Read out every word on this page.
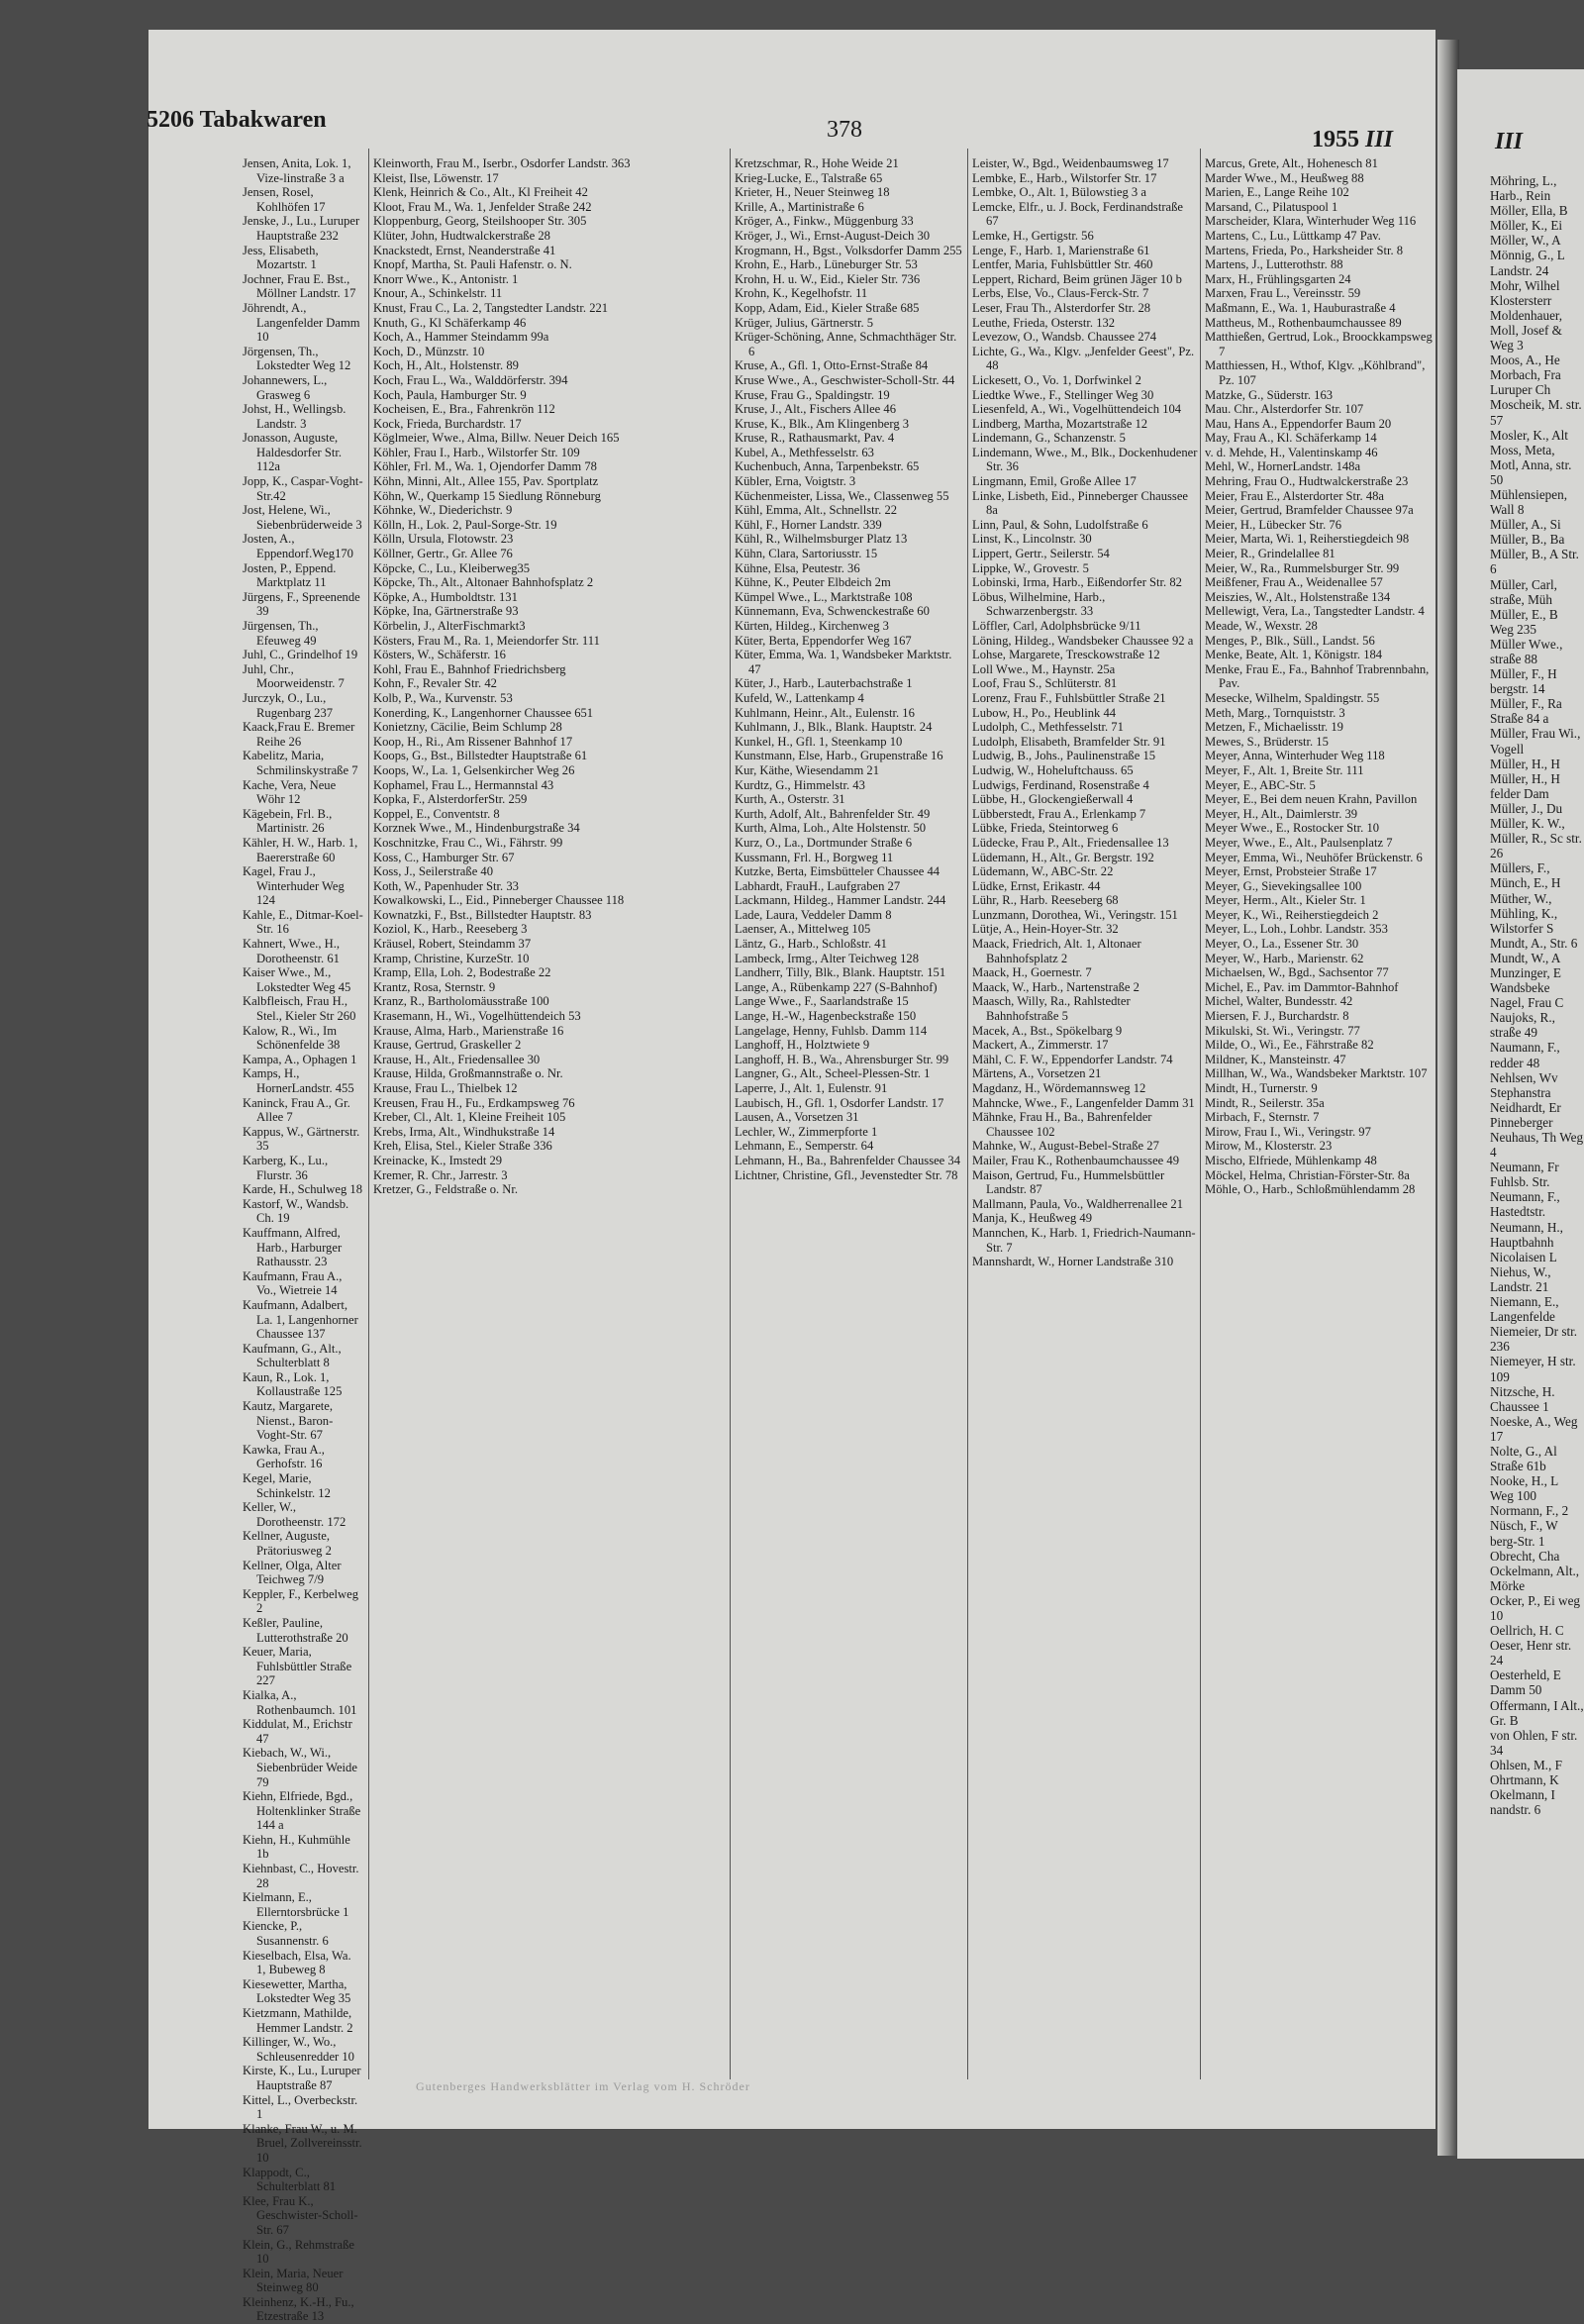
5206 Tabakwaren	378	1955 III	III
Gutenberges Handwerksblätter im Verlag vom H. Schröder
Möhring, L., Harb., Rein
Möller, Ella, B
Möller, K., Ei
Möller, W., A
Mönnig, G., L Landstr. 24
Mohr, Wilhel Klostersterr
Moldenhauer,
Moll, Josef &
Weg 3
Moos, A., He
Morbach, Fra Luruper Ch
Moscheik, M. str. 57
Mosler, K., Alt
Moss, Meta,
Motl, Anna, str. 50
Mühlensiepen, Wall 8
Müller, A., Si
Müller, B., Ba
Müller, B., A Str. 6
Müller, Carl, straße, Müh
Müller, E., B Weg 235
Müller Wwe., straße 88
Müller, F., H bergstr. 14
Müller, F., Ra Straße 84 a
Müller, Frau Wi., Vogell
Müller, H., H
Müller, H., H felder Dam
Müller, J., Du
Müller, K. W.,
Müller, R., Sc str. 26
Müllers, F.,
Münch, E., H
Müther, W.,
Mühling, K., Wilstorfer S
Mundt, A., Str. 6
Mundt, W., A
Munzinger, E Wandsbeke
Nagel, Frau C
Naujoks, R., straße 49
Naumann, F., redder 48
Nehlsen, Wv Stephanstra
Neidhardt, Er Pinneberger
Neuhaus, Th Weg 4
Neumann, Fr Fuhlsb. Str.
Neumann, F., Hastedtstr.
Neumann, H., Hauptbahnh
Nicolaisen L
Niehus, W., Landstr. 21
Niemann, E., Langenfelde
Niemeier, Dr str. 236
Niemeyer, H str. 109
Nitzsche, H. Chaussee 1
Noeske, A., Weg 17
Nolte, G., Al Straße 61b
Nooke, H., L Weg 100
Normann, F., 2
Nüsch, F., W berg-Str. 1
Obrecht, Cha
Ockelmann, Alt., Mörke
Ocker, P., Ei weg 10
Oellrich, H. C
Oeser, Henr str. 24
Oesterheld, E Damm 50
Offermann, I Alt., Gr. B
von Ohlen, F str. 34
Ohlsen, M., F
Ohrtmann, K
Okelmann, I nandstr. 6
Jensen, Anita, Lok. 1, Vize-linstraße 3 a
Jensen, Rosel, Kohlhöfen 17
Jenske, J., Lu., Luruper Hauptstraße 232
Jess, Elisabeth, Mozartstr. 1
Jochner, Frau E. Bst., Möllner Landstr. 17
Jöhrendt, A., Langenfelder Damm 10
Jörgensen, Th., Lokstedter Weg 12
Johannewers, L., Grasweg 6
Johst, H., Wellingsb. Landstr. 3
Jonasson, Auguste, Haldesdorfer Str. 112a
Jopp, K., Caspar-Voght-Str.42
Jost, Helene, Wi., Siebenbrüderweide 3
Josten, A., Eppendorf.Weg170
Josten, P., Eppend. Marktplatz 11
Jürgens, F., Spreenende 39
Jürgensen, Th., Efeuweg 49
Juhl, C., Grindelhof 19
Juhl, Chr., Moorweidenstr. 7
Jurczyk, O., Lu., Rugenbarg 237
Kaack,Frau E. Bremer Reihe 26
Kabelitz, Maria, Schmilinskystraße 7
Kache, Vera, Neue Wöhr 12
Kägebein, Frl. B., Martinistr. 26
Kähler, H. W., Harb. 1, Baererstraße 60
Kagel, Frau J., Winterhuder Weg 124
Kahle, E., Ditmar-Koel-Str. 16
Kahnert, Wwe., H., Dorotheenstr. 61
Kaiser Wwe., M., Lokstedter Weg 45
Kalbfleisch, Frau H., Stel., Kieler Str 260
Kalow, R., Wi., Im Schönenfelde 38
Kampa, A., Ophagen 1
Kamps, H., HornerLandstr. 455
Kaninck, Frau A., Gr. Allee 7
Kappus, W., Gärtnerstr. 35
Karberg, K., Lu., Flurstr. 36
Karde, H., Schulweg 18
Kastorf, W., Wandsb. Ch. 19
Kauffmann, Alfred, Harb., Harburger Rathausstr. 23
Kaufmann, Frau A., Vo., Wietreie 14
Kaufmann, Adalbert, La. 1, Langenhorner Chaussee 137
Kaufmann, G., Alt., Schulterblatt 8
Kaun, R., Lok. 1, Kollaustraße 125
Kautz, Margarete, Nienst., Baron-Voght-Str. 67
Kawka, Frau A., Gerhofstr. 16
Kegel, Marie, Schinkelstr. 12
Keller, W., Dorotheenstr. 172
Kellner, Auguste, Prätoriusweg 2
Kellner, Olga, Alter Teichweg 7/9
Keppler, F., Kerbelweg 2
Keßler, Pauline, Lutterothstraße 20
Keuer, Maria, Fuhlsbüttler Straße 227
Kialka, A., Rothenbaumch. 101
Kiddulat, M., Erichstr 47
Kiebach, W., Wi., Siebenbrüder Weide 79
Kiehn, Elfriede, Bgd., Holtenklinker Straße 144 a
Kiehn, H., Kuhmühle 1b
Kiehnbast, C., Hovestr. 28
Kielmann, E., Ellerntorsbrücke 1
Kiencke, P., Susannenstr. 6
Kieselbach, Elsa, Wa. 1, Bubeweg 8
Kiesewetter, Martha, Lokstedter Weg 35
Kietzmann, Mathilde, Hemmer Landstr. 2
Killinger, W., Wo., Schleusenredder 10
Kirste, K., Lu., Luruper Hauptstraße 87
Kittel, L., Overbeckstr. 1
Klanke, Frau W., u. M. Bruel, Zollvereinsstr. 10
Klappodt, C., Schulterblatt 81
Klee, Frau K., Geschwister-Scholl-Str. 67
Klein, G., Rehmstraße 10
Klein, Maria, Neuer Steinweg 80
Kleinhenz, K.-H., Fu., Etzestraße 13
Kleinworth, Frau M., Iserbr., Osdorfer Landstr. 363
Kleist, Ilse, Löwenstr. 17
Klenk, Heinrich & Co., Alt., Kl Freiheit 42
Kloot, Frau M., Wa. 1, Jenfelder Straße 242
Kloppenburg, Georg, Steilshooper Str. 305
Klüter, John, Hudtwalckerstraße 28
Knackstedt, Ernst, Neanderstraße 41
Knopf, Martha, St. Pauli Hafenstr. o. N.
Knorr Wwe., K., Antonistr. 1
Knour, A., Schinkelstr. 11
Knust, Frau C., La. 2, Tangstedter Landstr. 221
Knuth, G., Kl Schäferkamp 46
Koch, A., Hammer Steindamm 99a
Koch, D., Münzstr. 10
Koch, H., Alt., Holstenstr. 89
Koch, Frau L., Wa., Walddörferstr. 394
Koch, Paula, Hamburger Str. 9
Kocheisen, E., Bra., Fahrenkrön 112
Kock, Frieda, Burchardstr. 17
Köglmeier, Wwe., Alma, Billw. Neuer Deich 165
Köhler, Frau I., Harb., Wilstorfer Str. 109
Köhler, Frl. M., Wa. 1, Ojendorfer Damm 78
Köhn, Minni, Alt., Allee 155, Pav. Sportplatz
Köhn, W., Querkamp 15 Siedlung Rönneburg
Köhnke, W., Diederichstr. 9
Kölln, H., Lok. 2, Paul-Sorge-Str. 19
Kölln, Ursula, Flotowstr. 23
Köllner, Gertr., Gr. Allee 76
Köpcke, C., Lu., Kleiberweg35
Köpcke, Th., Alt., Altonaer Bahnhofsplatz 2
Köpke, A., Humboldtstr. 131
Köpke, Ina, Gärtnerstraße 93
Körbelin, J., AlterFischmarkt3
Kösters, Frau M., Ra. 1, Meiendorfer Str. 111
Kösters, W., Schäferstr. 16
Kohl, Frau E., Bahnhof Friedrichsberg
Kohn, F., Revaler Str. 42
Kolb, P., Wa., Kurvenstr. 53
Konerding, K., Langenhorner Chaussee 651
Konietzny, Cäcilie, Beim Schlump 28
Koop, H., Ri., Am Rissener Bahnhof 17
Koops, G., Bst., Billstedter Hauptstraße 61
Koops, W., La. 1, Gelsenkircher Weg 26
Kophamel, Frau L., Hermannstal 43
Kopka, F., AlsterdorferStr. 259
Koppel, E., Conventstr. 8
Korznek Wwe., M., Hindenburgstraße 34
Koschnitzke, Frau C., Wi., Fährstr. 99
Koss, C., Hamburger Str. 67
Koss, J., Seilerstraße 40
Koth, W., Papenhuder Str. 33
Kowalkowski, L., Eid., Pinneberger Chaussee 118
Kownatzki, F., Bst., Billstedter Hauptstr. 83
Koziol, K., Harb., Reeseberg 3
Kräusel, Robert, Steindamm 37
Kramp, Christine, KurzeStr. 10
Kramp, Ella, Loh. 2, Bodestraße 22
Krantz, Rosa, Sternstr. 9
Kranz, R., Bartholomäusstraße 100
Krasemann, H., Wi., Vogelhüttendeich 53
Krause, Alma, Harb., Marienstraße 16
Krause, Gertrud, Graskeller 2
Krause, H., Alt., Friedensallee 30
Krause, Hilda, Großmannstraße o. Nr.
Krause, Frau L., Thielbek 12
Kreusen, Frau H., Fu., Erdkampsweg 76
Kreber, Cl., Alt. 1, Kleine Freiheit 105
Krebs, Irma, Alt., Windhukstraße 14
Kreh, Elisa, Stel., Kieler Straße 336
Kreinacke, K., Imstedt 29
Kremer, R. Chr., Jarrestr. 3
Kretzer, G., Feldstraße o. Nr.
Kretzschmar, R., Hohe Weide 21
Krieg-Lucke, E., Talstraße 65
Krieter, H., Neuer Steinweg 18
Krille, A., Martinistraße 6
Kröger, A., Finkw., Müggenburg 33
Kröger, J., Wi., Ernst-August-Deich 30
Krogmann, H., Bgst., Volksdorfer Damm 255
Krohn, E., Harb., Lüneburger Str. 53
Krohn, H. u. W., Eid., Kieler Str. 736
Krohn, K., Kegelhofstr. 11
Kopp, Adam, Eid., Kieler Straße 685
Krüger, Julius, Gärtnerstr. 5
Krüger-Schöning, Anne, Schmachthäger Str. 6
Kruse, A., Gfl. 1, Otto-Ernst-Straße 84
Kruse Wwe., A., Geschwister-Scholl-Str. 44
Kruse, Frau G., Spaldingstr. 19
Kruse, J., Alt., Fischers Allee 46
Kruse, K., Blk., Am Klingenberg 3
Kruse, R., Rathausmarkt, Pav. 4
Kubel, A., Methfesselstr. 63
Kuchenbuch, Anna, Tarpenbekstr. 65
Kübler, Erna, Voigtstr. 3
Küchenmeister, Lissa, We., Classenweg 55
Kühl, Emma, Alt., Schnellstr. 22
Kühl, F., Horner Landstr. 339
Kühl, R., Wilhelmsburger Platz 13
Kühn, Clara, Sartoriusstr. 15
Kühne, Elsa, Peutestr. 36
Kühne, K., Peuter Elbdeich 2m
Kümpel Wwe., L., Marktstraße 108
Künnemann, Eva, Schwenckestraße 60
Kürten, Hildeg., Kirchenweg 3
Küter, Berta, Eppendorfer Weg 167
Küter, Emma, Wa. 1, Wandsbeker Marktstr. 47
Küter, J., Harb., Lauterbachstraße 1
Kufeld, W., Lattenkamp 4
Kuhlmann, Heinr., Alt., Eulenstr. 16
Kuhlmann, J., Blk., Blank. Hauptstr. 24
Kunkel, H., Gfl. 1, Steenkamp 10
Kunstmann, Else, Harb., Grupenstraße 16
Kur, Käthe, Wiesendamm 21
Kurdtz, G., Himmelstr. 43
Kurth, A., Osterstr. 31
Kurth, Adolf, Alt., Bahrenfelder Str. 49
Kurth, Alma, Loh., Alte Holstenstr. 50
Kurz, O., La., Dortmunder Straße 6
Kussmann, Frl. H., Borgweg 11
Kutzke, Berta, Eimsbütteler Chaussee 44
Labhardt, FrauH., Laufgraben 27
Lackmann, Hildeg., Hammer Landstr. 244
Lade, Laura, Veddeler Damm 8
Laenser, A., Mittelweg 105
Läntz, G., Harb., Schloßstr. 41
Lambeck, Irmg., Alter Teichweg 128
Landherr, Tilly, Blk., Blank. Hauptstr. 151
Lange, A., Rübenkamp 227 (S-Bahnhof)
Lange Wwe., F., Saarlandstraße 15
Lange, H.-W., Hagenbeckstraße 150
Langelage, Henny, Fuhlsb. Damm 114
Langhoff, H., Holztwiete 9
Langhoff, H. B., Wa., Ahrensburger Str. 99
Langner, G., Alt., Scheel-Plessen-Str. 1
Laperre, J., Alt. 1, Eulenstr. 91
Laubisch, H., Gfl. 1, Osdorfer Landstr. 17
Lausen, A., Vorsetzen 31
Lechler, W., Zimmerpforte 1
Lehmann, E., Semperstr. 64
Lehmann, H., Ba., Bahrenfelder Chaussee 34
Lichtner, Christine, Gfl., Jevenstedter Str. 78
Leister, W., Bgd., Weidenbaumsweg 17
Lembke, E., Harb., Wilstorfer Str. 17
Lembke, O., Alt. 1, Bülowstieg 3 a
Lemcke, Elfr., u. J. Bock, Ferdinandstraße 67
Lemke, H., Gertigstr. 56
Lenge, F., Harb. 1, Marienstraße 61
Lentfer, Maria, Fuhlsbüttler Str. 460
Leppert, Richard, Beim grünen Jäger 10 b
Lerbs, Else, Vo., Claus-Ferck-Str. 7
Leser, Frau Th., Alsterdorfer Str. 28
Leuthe, Frieda, Osterstr. 132
Levezow, O., Wandsb. Chaussee 274
Lichte, G., Wa., Klgv. „Jenfelder Geest", Pz. 48
Lickesett, O., Vo. 1, Dorfwinkel 2
Liedtke Wwe., F., Stellinger Weg 30
Liesenfeld, A., Wi., Vogelhüttendeich 104
Lindberg, Martha, Mozartstraße 12
Lindemann, G., Schanzenstr. 5
Lindemann, Wwe., M., Blk., Dockenhudener Str. 36
Lingmann, Emil, Große Allee 17
Linke, Lisbeth, Eid., Pinneberger Chaussee 8a
Linn, Paul, & Sohn, Ludolfstraße 6
Linst, K., Lincolnstr. 30
Lippert, Gertr., Seilerstr. 54
Lippke, W., Grovestr. 5
Lobinski, Irma, Harb., Eißendorfer Str. 82
Löbus, Wilhelmine, Harb., Schwarzenbergstr. 33
Löffler, Carl, Adolphsbrücke 9/11
Löning, Hildeg., Wandsbeker Chaussee 92 a
Lohse, Margarete, Tresckowstraße 12
Loll Wwe., M., Haynstr. 25a
Loof, Frau S., Schlüterstr. 81
Lorenz, Frau F., Fuhlsbüttler Straße 21
Lubow, H., Po., Heublink 44
Ludolph, C., Methfesselstr. 71
Ludolph, Elisabeth, Bramfelder Str. 91
Ludwig, B., Johs., Paulinenstraße 15
Ludwig, W., Hoheluftchauss. 65
Ludwigs, Ferdinand, Rosenstraße 4
Lübbe, H., Glockengießerwall 4
Lübberstedt, Frau A., Erlenkamp 7
Lübke, Frieda, Steintorweg 6
Lüdecke, Frau P., Alt., Friedensallee 13
Lüdemann, H., Alt., Gr. Bergstr. 192
Lüdemann, W., ABC-Str. 22
Lüdke, Ernst, Erikastr. 44
Lühr, R., Harb. Reeseberg 68
Lunzmann, Dorothea, Wi., Veringstr. 151
Lütje, A., Hein-Hoyer-Str. 32
Maack, Friedrich, Alt. 1, Altonaer Bahnhofsplatz 2
Maack, H., Goernestr. 7
Maack, W., Harb., Nartenstraße 2
Maasch, Willy, Ra., Rahlstedter Bahnhofstraße 5
Macek, A., Bst., Spökelbarg 9
Mackert, A., Zimmerstr. 17
Mähl, C. F. W., Eppendorfer Landstr. 74
Märtens, A., Vorsetzen 21
Magdanz, H., Wördemannsweg 12
Mahncke, Wwe., F., Langenfelder Damm 31
Mähnke, Frau H., Ba., Bahrenfelder Chaussee 102
Mahnke, W., August-Bebel-Straße 27
Mailer, Frau K., Rothenbaumchaussee 49
Maison, Gertrud, Fu., Hummelsbüttler Landstr. 87
Mallmann, Paula, Vo., Waldherrenallee 21
Manja, K., Heußweg 49
Mannchen, K., Harb. 1, Friedrich-Naumann-Str. 7
Mannshardt, W., Horner Landstraße 310
Marcus, Grete, Alt., Hohenesch 81
Marder Wwe., M., Heußweg 88
Marien, E., Lange Reihe 102
Marsand, C., Pilatuspool 1
Marscheider, Klara, Winterhuder Weg 116
Martens, C., Lu., Lüttkamp 47 Pav.
Martens, Frieda, Po., Harksheider Str. 8
Martens, J., Lutterothstr. 88
Marx, H., Frühlingsgarten 24
Marxen, Frau L., Vereinsstr. 59
Maßmann, E., Wa. 1, Hauburastraße 4
Mattheus, M., Rothenbaumchaussee 89
Matthießen, Gertrud, Lok., Broockkampsweg 7
Matthiessen, H., Wthof, Klgv. „Köhlbrand", Pz. 107
Matzke, G., Süderstr. 163
Mau. Chr., Alsterdorfer Str. 107
Mau, Hans A., Eppendorfer Baum 20
May, Frau A., Kl. Schäferkamp 14
v. d. Mehde, H., Valentinskamp 46
Mehl, W., HornerLandstr. 148a
Mehring, Frau O., Hudtwalckerstraße 23
Meier, Frau E., Alsterdorter Str. 48a
Meier, Gertrud, Bramfelder Chaussee 97a
Meier, H., Lübecker Str. 76
Meier, Marta, Wi. 1, Reiherstiegdeich 98
Meier, R., Grindelallee 81
Meier, W., Ra., Rummelsburger Str. 99
Meißfener, Frau A., Weidenallee 57
Meiszies, W., Alt., Holstenstraße 134
Mellewigt, Vera, La., Tangstedter Landstr. 4
Meade, W., Wexstr. 28
Menges, P., Blk., Süll., Landst. 56
Menke, Beate, Alt. 1, Königstr. 184
Menke, Frau E., Fa., Bahnhof Trabrennbahn, Pav.
Mesecke, Wilhelm, Spaldingstr. 55
Meth, Marg., Tornquiststr. 3
Metzen, F., Michaelisstr. 19
Mewes, S., Brüderstr. 15
Meyer, Anna, Winterhuder Weg 118
Meyer, F., Alt. 1, Breite Str. 111
Meyer, E., ABC-Str. 5
Meyer, E., Bei dem neuen Krahn, Pavillon
Meyer, H., Alt., Daimlerstr. 39
Meyer Wwe., E., Rostocker Str. 10
Meyer, Wwe., E., Alt., Paulsenplatz 7
Meyer, Emma, Wi., Neuhöfer Brückenstr. 6
Meyer, Ernst, Probsteier Straße 17
Meyer, G., Sievekingsallee 100
Meyer, Herm., Alt., Kieler Str. 1
Meyer, K., Wi., Reiherstiegdeich 2
Meyer, L., Loh., Lohbr. Landstr. 353
Meyer, O., La., Essener Str. 30
Meyer, W., Harb., Marienstr. 62
Michaelsen, W., Bgd., Sachsentor 77
Michel, E., Pav. im Dammtor-Bahnhof
Michel, Walter, Bundesstr. 42
Miersen, F. J., Burchardstr. 8
Mikulski, St. Wi., Veringstr. 77
Milde, O., Wi., Ee., Fährstraße 82
Mildner, K., Mansteinstr. 47
Millhan, W., Wa., Wandsbeker Marktstr. 107
Mindt, H., Turnerstr. 9
Mindt, R., Seilerstr. 35a
Mirbach, F., Sternstr. 7
Mirow, Frau I., Wi., Veringstr. 97
Mirow, M., Klosterstr. 23
Mischo, Elfriede, Mühlenkamp 48
Möckel, Helma, Christian-Förster-Str. 8a
Möhle, O., Harb., Schloßmühlendamm 28
